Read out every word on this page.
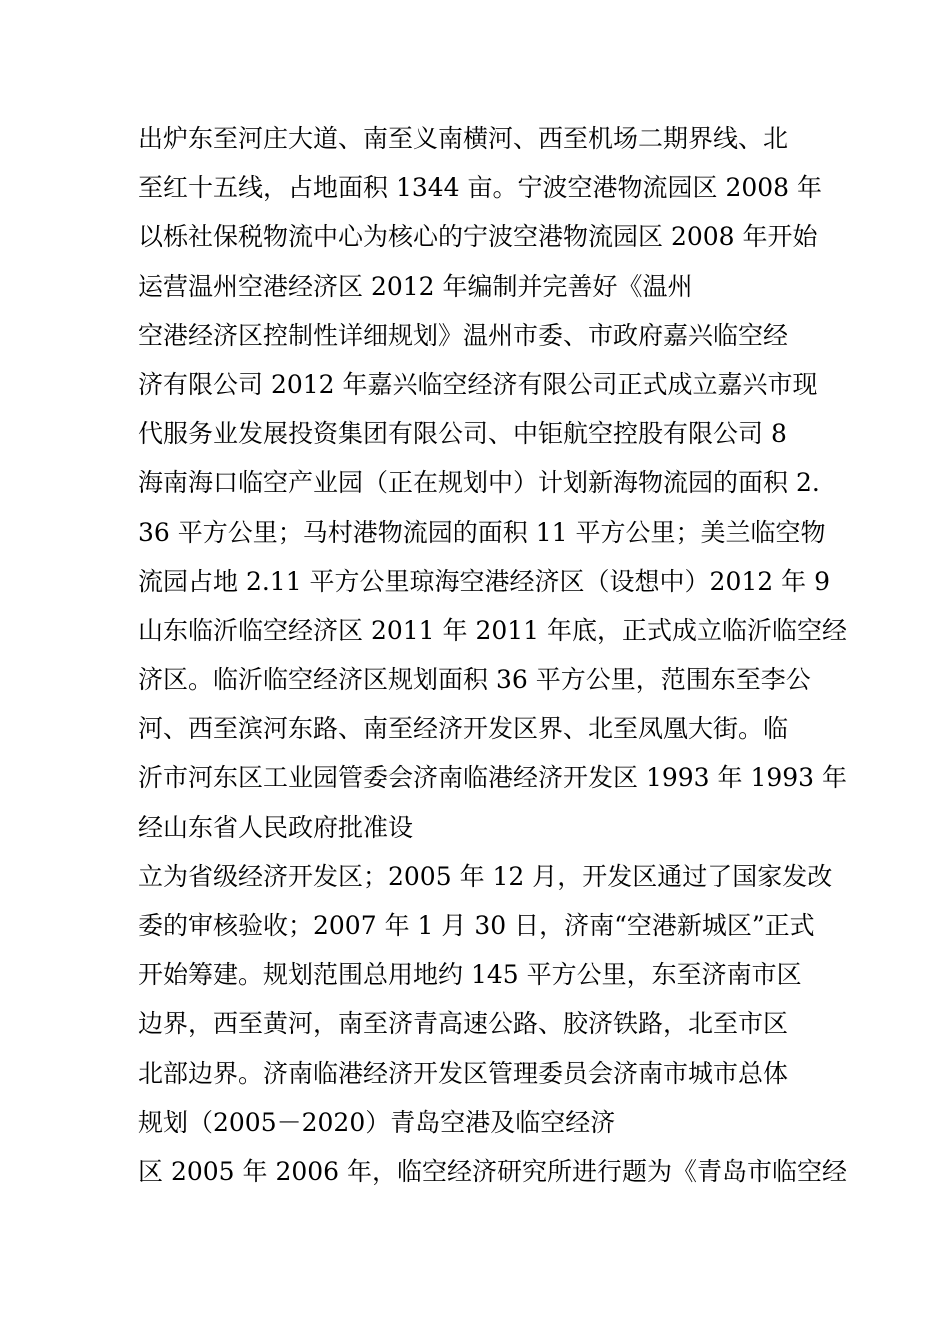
出炉东至河庄大道、南至义南横河、西至机场二期界线、北
至红十五线，占地面积 1344 亩。宁波空港物流园区 2008 年
以栎社保税物流中心为核心的宁波空港物流园区 2008 年开始
运营温州空港经济区 2012 年编制并完善好《温州
空港经济区控制性详细规划》温州市委、市政府嘉兴临空经
济有限公司 2012 年嘉兴临空经济有限公司正式成立嘉兴市现
代服务业发展投资集团有限公司、中钜航空控股有限公司 8
海南海口临空产业园（正在规划中）计划新海物流园的面积 2.
36 平方公里；马村港物流园的面积 11 平方公里；美兰临空物
流园占地 2.11 平方公里琼海空港经济区（设想中）2012 年 9
山东临沂临空经济区 2011 年 2011 年底，正式成立临沂临空经
济区。临沂临空经济区规划面积 36 平方公里，范围东至李公
河、西至滨河东路、南至经济开发区界、北至凤凰大街。临
沂市河东区工业园管委会济南临港经济开发区 1993 年 1993 年
经山东省人民政府批准设
立为省级经济开发区；2005 年 12 月，开发区通过了国家发改
委的审核验收；2007 年 1 月 30 日，济南“空港新城区”正式
开始筹建。规划范围总用地约 145 平方公里，东至济南市区
边界，西至黄河，南至济青高速公路、胶济铁路，北至市区
北部边界。济南临港经济开发区管理委员会济南市城市总体
规划（2005－2020）青岛空港及临空经济
区 2005 年 2006 年，临空经济研究所进行题为《青岛市临空经
